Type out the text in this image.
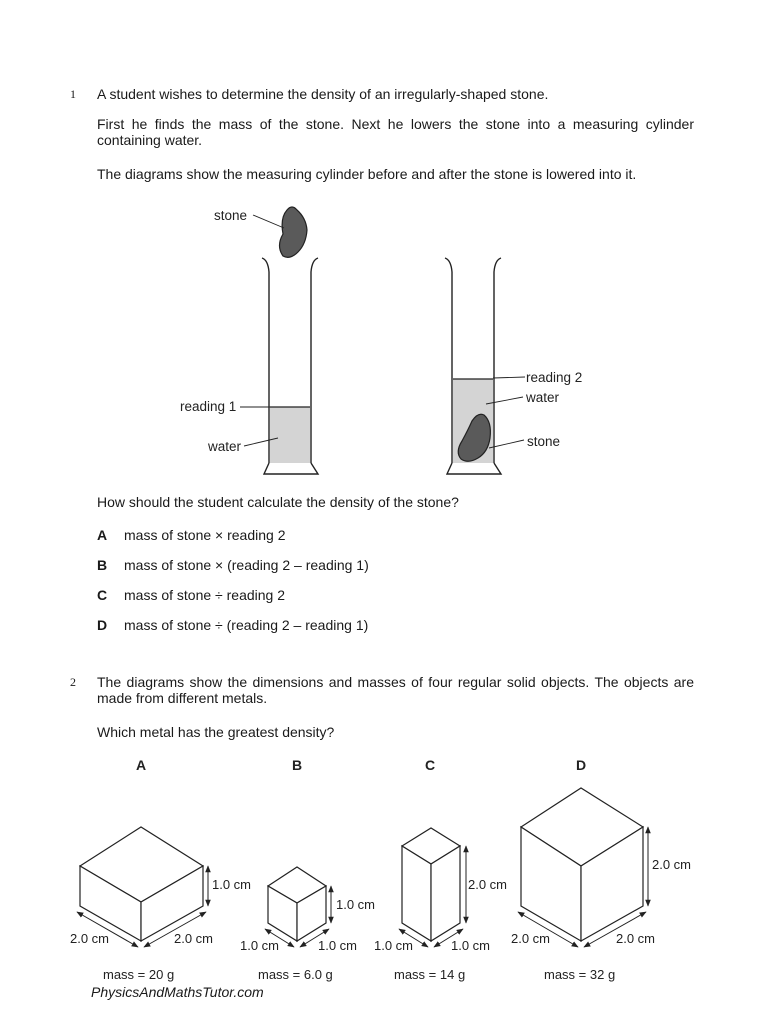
1 A student wishes to determine the density of an irregularly-shaped stone.
First he finds the mass of the stone. Next he lowers the stone into a measuring cylinder containing water.
The diagrams show the measuring cylinder before and after the stone is lowered into it.
stone
reading 1
water
reading 2
water
stone
How should the student calculate the density of the stone?
A mass of stone × reading 2
B mass of stone × (reading 2 – reading 1)
C mass of stone ÷ reading 2
D mass of stone ÷ (reading 2 – reading 1)
2 The diagrams show the dimensions and masses of four regular solid objects. The objects are made from different metals.
Which metal has the greatest density?
A	B	C	D
1.0 cm
2.0 cm	2.0 cm
mass = 20 g
1.0 cm
1.0 cm	1.0 cm
mass = 6.0 g
2.0 cm
1.0 cm	1.0 cm
mass = 14 g
2.0 cm
2.0 cm	2.0 cm
mass = 32 g
PhysicsAndMathsTutor.com
